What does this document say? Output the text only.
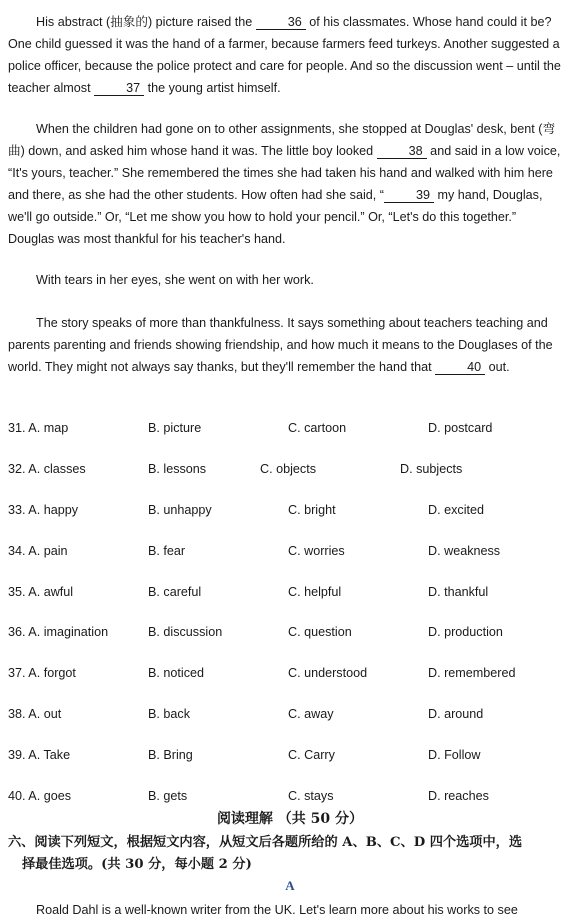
His abstract (抽象的) picture raised the	36 of his classmates. Whose hand could it be? One child guessed it was the hand of a farmer, because farmers feed turkeys. Another suggested a police officer, because the police protect and care for people. And so the discussion went – until the teacher almost	37 the young artist himself.

When the children had gone on to other assignments, she stopped at Douglas' desk, bent (弯曲) down, and asked him whose hand it was. The little boy looked	38 and said in a low voice, “It's yours, teacher.” She remembered the times she had taken his hand and walked with him here and there, as she had the other students. How often had she said, “	39 my hand, Douglas, we'll go outside.” Or, “Let me show you how to hold your pencil.” Or, “Let's do this together.” Douglas was most thankful for his teacher's hand.

With tears in her eyes, she went on with her work.

The story speaks of more than thankfulness. It says something about teachers teaching and parents parenting and friends showing friendship, and how much it means to the Douglases of the world. They might not always say thanks, but they'll remember the hand that	40 out.

31. A. map	B. picture	C. cartoon	D. postcard
32. A. classes	B. lessons	C. objects	D. subjects
33. A. happy	B. unhappy	C. bright	D. excited
34. A. pain	B. fear	C. worries	D. weakness
35. A. awful	B. careful	C. helpful	D. thankful
36. A. imagination	B. discussion	C. question	D. production
37. A. forgot	B. noticed	C. understood	D. remembered
38. A. out	B. back	C. away	D. around
39. A. Take	B. Bring	C. Carry	D. Follow
40. A. goes	B. gets	C. stays	D. reaches
阅读理解 （共 50 分）
六、阅读下列短文，根据短文内容，从短文后各题所给的 A、B、C、D 四个选项中，选
择最佳选项。(共 30 分，每小题 2 分)
A
Roald Dahl is a well-known writer from the UK. Let's learn more about his works to see
